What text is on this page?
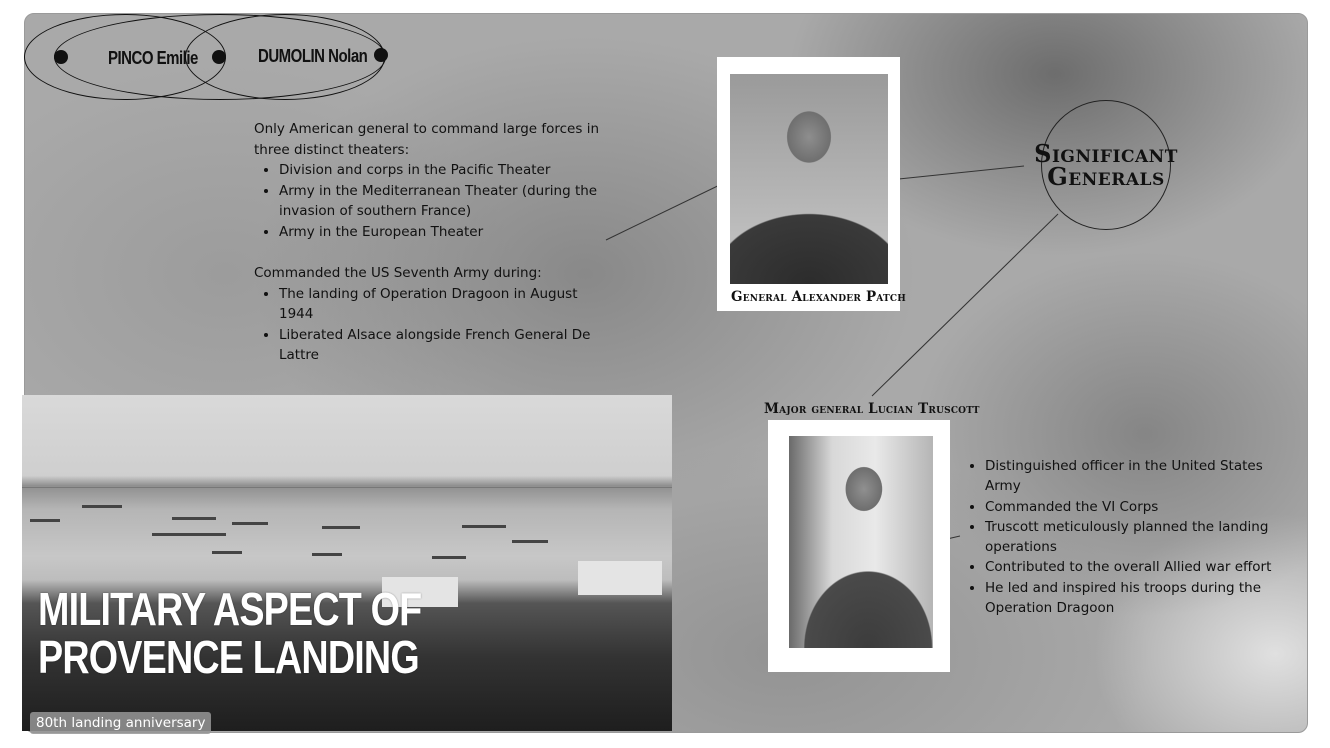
PINCO Emilie	DUMOLIN Nolan

Only American general to command large forces in three distinct theaters:

• Division and corps in the Pacific Theater
• Army in the Mediterranean Theater (during the invasion of southern France)
• Army in the European Theater

Commanded the US Seventh Army during:

• The landing of Operation Dragoon in August 1944
• Liberated Alsace alongside French General De Lattre
General Alexander Patch
Significant
Generals
Major general Lucian Truscott
• Distinguished officer in the United States Army
• Commanded the VI Corps
• Truscott meticulously planned the landing operations
• Contributed to the overall Allied war effort
• He led and inspired his troops during the Operation Dragoon
MILITARY ASPECT OF
PROVENCE LANDING
80th landing anniversary
